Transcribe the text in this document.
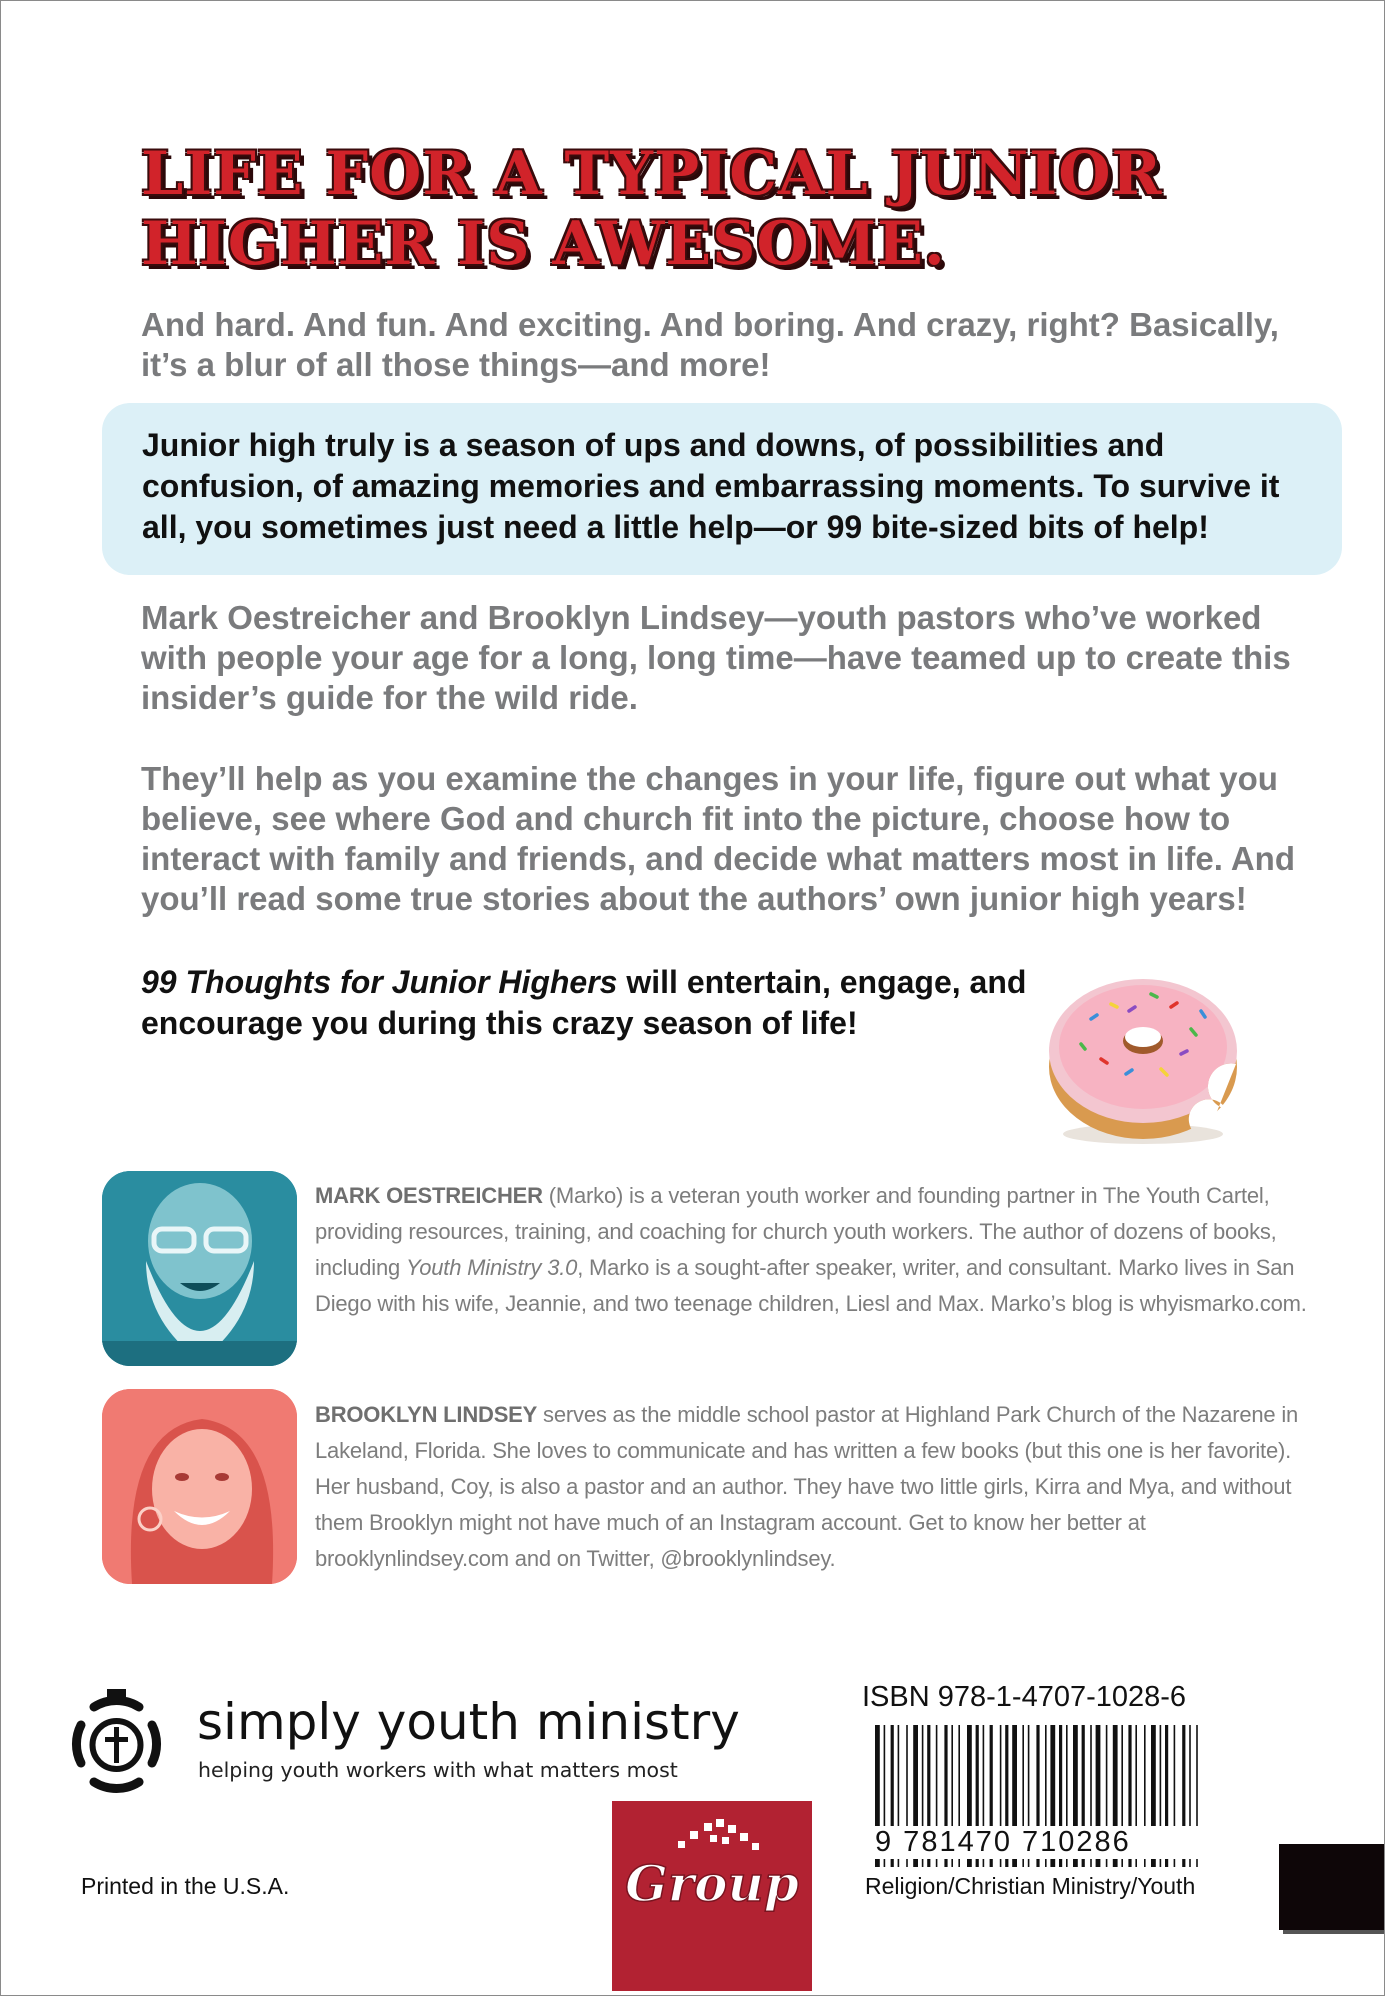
LIFE FOR A TYPICAL JUNIOR
HIGHER IS AWESOME.

And hard. And fun. And exciting. And boring. And crazy, right? Basically, it’s a blur of all those things—and more!

Junior high truly is a season of ups and downs, of possibilities and confusion, of amazing memories and embarrassing moments. To survive it all, you sometimes just need a little help—or 99 bite-sized bits of help!

Mark Oestreicher and Brooklyn Lindsey—youth pastors who’ve worked with people your age for a long, long time—have teamed up to create this insider’s guide for the wild ride.

They’ll help as you examine the changes in your life, figure out what you believe, see where God and church fit into the picture, choose how to interact with family and friends, and decide what matters most in life. And you’ll read some true stories about the authors’ own junior high years!

99 Thoughts for Junior Highers will entertain, engage, and encourage you during this crazy season of life!

MARK OESTREICHER (Marko) is a veteran youth worker and founding partner in The Youth Cartel, providing resources, training, and coaching for church youth workers. The author of dozens of books, including Youth Ministry 3.0, Marko is a sought-after speaker, writer, and consultant. Marko lives in San Diego with his wife, Jeannie, and two teenage children, Liesl and Max. Marko’s blog is whyismarko.com.

BROOKLYN LINDSEY serves as the middle school pastor at Highland Park Church of the Nazarene in Lakeland, Florida. She loves to communicate and has written a few books (but this one is her favorite). Her husband, Coy, is also a pastor and an author. They have two little girls, Kirra and Mya, and without them Brooklyn might not have much of an Instagram account. Get to know her better at brooklynlindsey.com and on Twitter, @brooklynlindsey.

simply youth ministry

helping youth workers with what matters most

Printed in the U.S.A.	Group

ISBN 978-1-4707-1028-6

9 781470 710286

Religion/Christian Ministry/Youth
